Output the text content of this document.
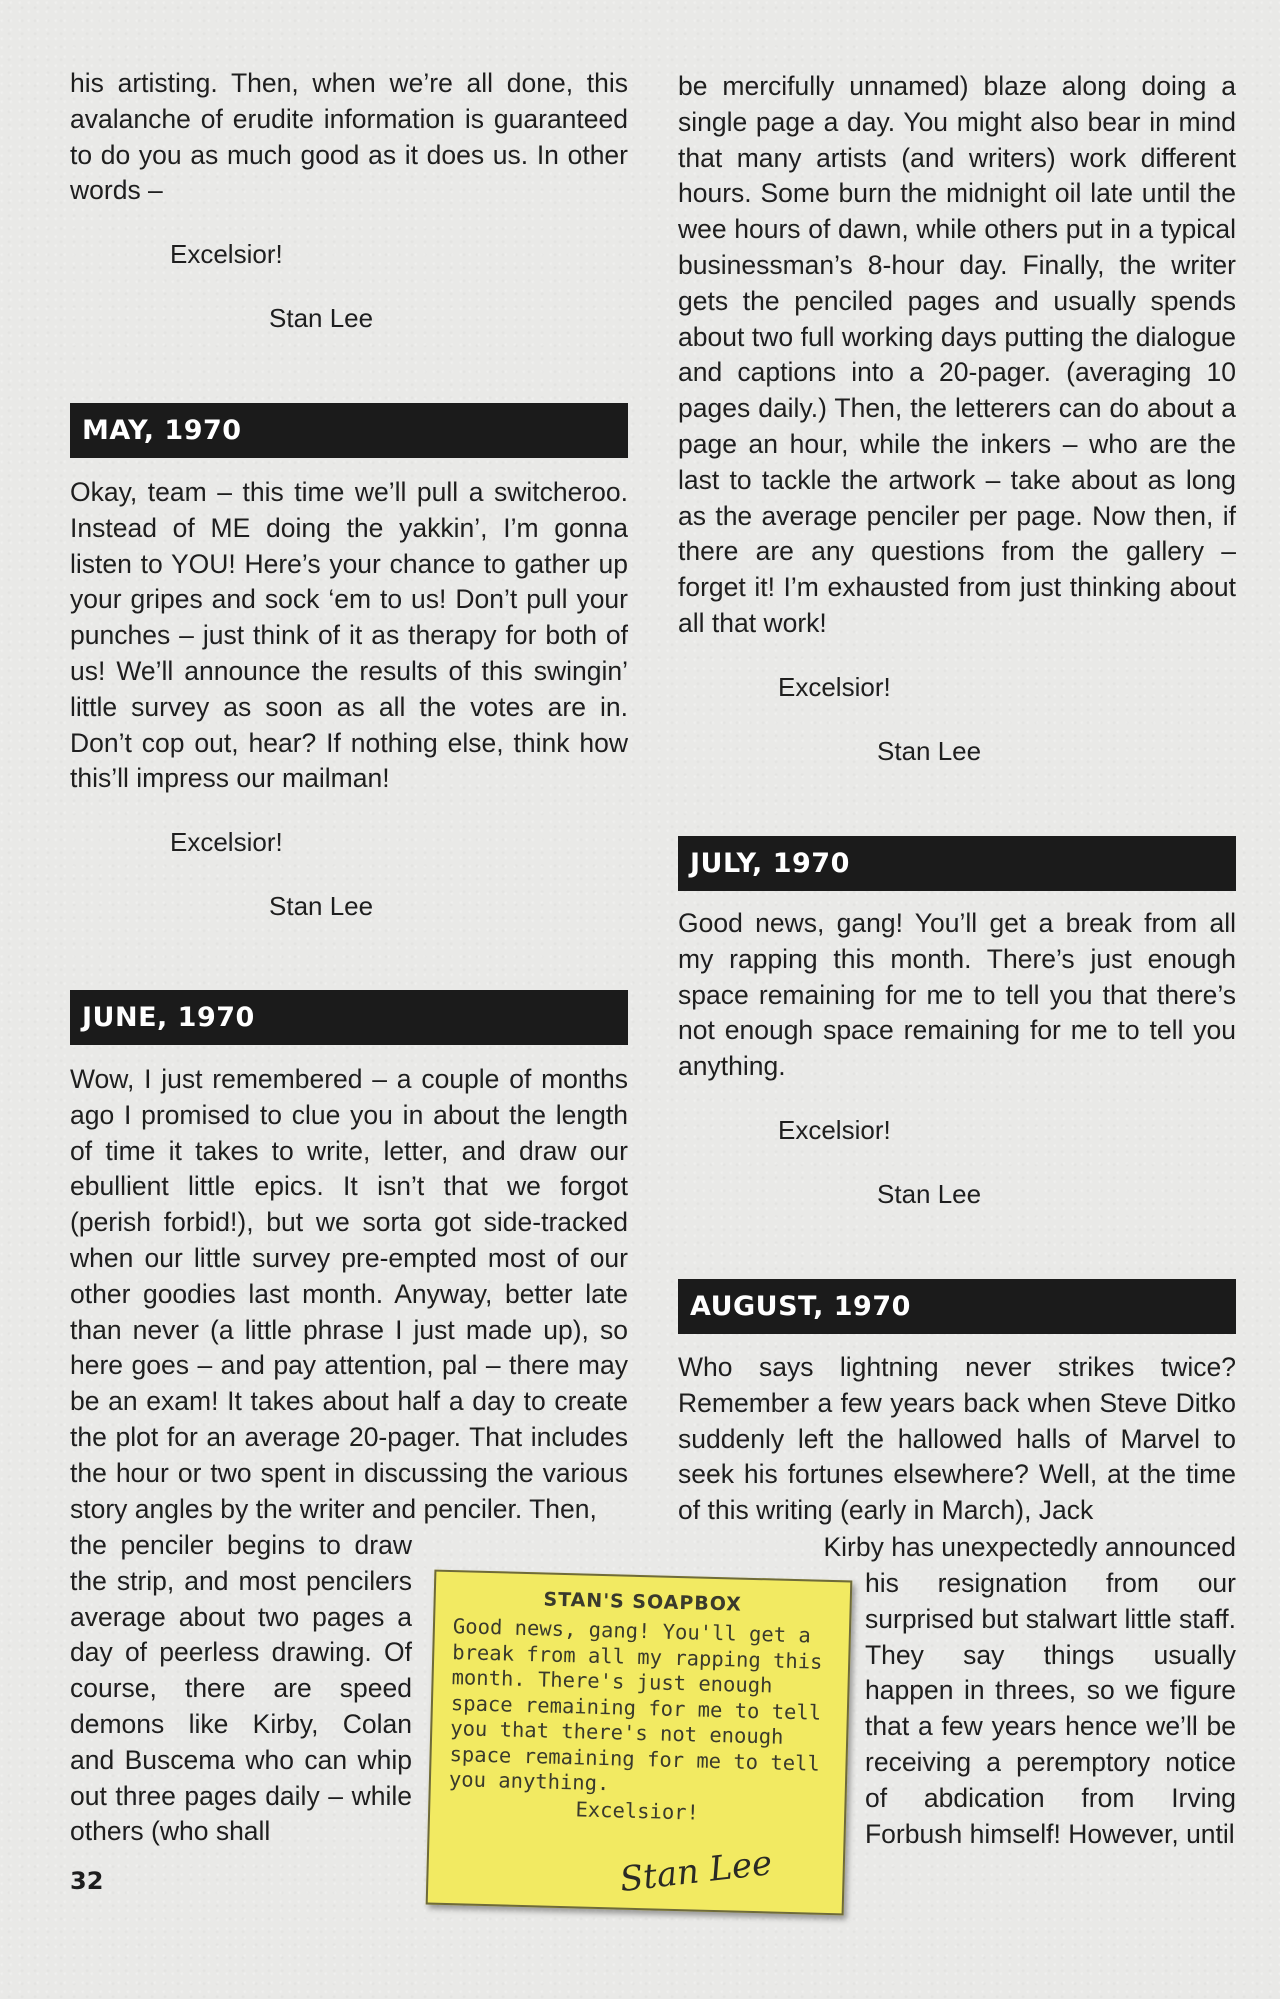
his artisting. Then, when we’re all done, this avalanche of erudite information is guaranteed to do you as much good as it does us. In other words –

Excelsior!
Stan Lee
MAY, 1970

Okay, team – this time we’ll pull a switcheroo. Instead of ME doing the yakkin’, I’m gonna listen to YOU! Here’s your chance to gather up your gripes and sock ‘em to us! Don’t pull your punches – just think of it as therapy for both of us! We’ll announce the results of this swingin’ little survey as soon as all the votes are in. Don’t cop out, hear? If nothing else, think how this’ll impress our mailman!

Excelsior!
Stan Lee
JUNE, 1970

Wow, I just remembered – a couple of months ago I promised to clue you in about the length of time it takes to write, letter, and draw our ebullient little epics. It isn’t that we forgot (perish forbid!), but we sorta got side-tracked when our little survey pre-empted most of our other goodies last month. Anyway, better late than never (a little phrase I just made up), so here goes – and pay attention, pal – there may be an exam! It takes about half a day to create the plot for an average 20-pager. That includes the hour or two spent in discussing the various story angles by the writer and penciler. Then,

the penciler begins to draw the strip, and most pencilers average about two pages a day of peerless drawing. Of course, there are speed demons like Kirby, Colan and Buscema who can whip out three pages daily – while others (who shall

be mercifully unnamed) blaze along doing a single page a day. You might also bear in mind that many artists (and writers) work different hours. Some burn the midnight oil late until the wee hours of dawn, while others put in a typical businessman’s 8-hour day. Finally, the writer gets the penciled pages and usually spends about two full working days putting the dialogue and captions into a 20-pager. (averaging 10 pages daily.) Then, the letterers can do about a page an hour, while the inkers – who are the last to tackle the artwork – take about as long as the average penciler per page. Now then, if there are any questions from the gallery – forget it! I’m exhausted from just thinking about all that work!

Excelsior!
Stan Lee
JULY, 1970

Good news, gang! You’ll get a break from all my rapping this month. There’s just enough space remaining for me to tell you that there’s not enough space remaining for me to tell you anything.

Excelsior!
Stan Lee
AUGUST, 1970

Who says lightning never strikes twice? Remember a few years back when Steve Ditko suddenly left the hallowed halls of Marvel to seek his fortunes elsewhere? Well, at the time of this writing (early in March), Jack

Kirby has unexpectedly announced

his resignation from our surprised but stalwart little staff. They say things usually happen in threes, so we figure that a few years hence we’ll be receiving a peremptory notice of abdication from Irving Forbush himself! However, until

STAN'S SOAPBOX

Good news, gang! You'll get a break from all my rapping this month. There's just enough space remaining for me to tell you that there's not enough space remaining for me to tell you anything.

Excelsior!
Stan Lee
32
